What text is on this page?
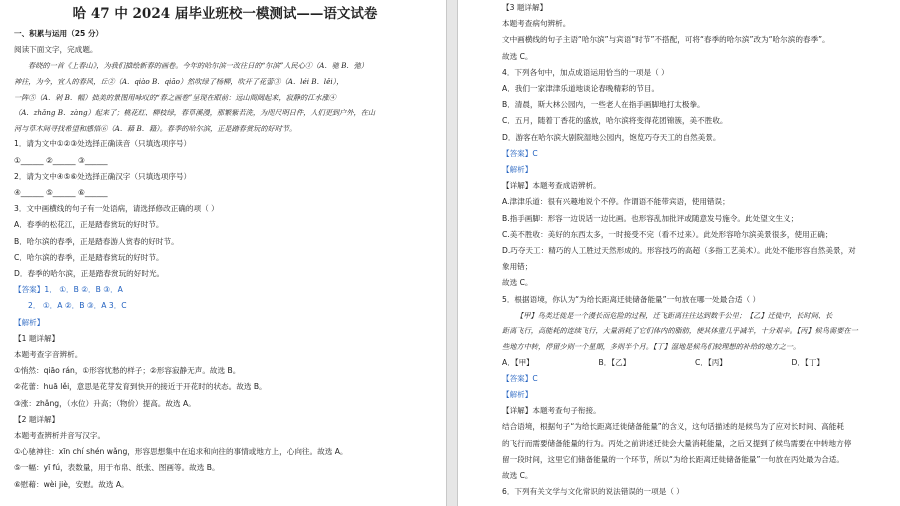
哈 47 中 2024 届毕业班校一模测试——语文试卷
一、积累与运用（25 分）
阅读下面文字，完成题。
春晓的一首《上春山》，为我们描绘新春的画卷。今年的哈尔滨一改往日的“尔滨”人民心①（A．驰 B．弛）
神往，为今，宜人的春风，丘②（A．qiào B．qiāo）然吹绿了杨柳，吹开了花蕾③（A．léi B．lěi），
一阵⑤（A．剁 B．幅）拙美的景图用咏叹的“春之画卷”呈现在眼前：远山阁阔起来，寂静的江水涨④
（A．zhǎng B．zàng）起来了；桃花红、柳枝绿，春草溪漫，那繁紫若洗，为咫尺明日件，人们更到户外，在山
河与草木间寻找希望和感悟⑥（A．藉 B．籍）。春季的哈尔滨，正是踏春赏玩的好时节。
1．请为文中①②③处选择正确读音（只填选项序号）
①______ ②______ ③______
2．请为文中④⑤⑥处选择正确汉字（只填选项序号）
④______ ⑤______ ⑥______
3．文中画横线的句子有一处语病，请选择修改正确的项（ ）
A．春季的松花江，正是踏春赏玩的好时节。
B．哈尔滨的春季，正是踏春游人赏春的好时节。
C．哈尔滨的春季，正是踏春赏玩的好时节。
D．春季的哈尔滨，正是踏春赏玩的好时光。
【答案】1． ①．B ②．B ③．A
2． ①．A ②．B ③．A 3．C
【解析】
【1 题详解】
本题考查字音辨析。
①悄然：qiāo rán，①形容忧愁的样子；②形容寂静无声。故选 B。
②花蕾：huā lěi，意思是花芽发育到快开的接近于开花时的状态。故选 B。
③涨：zhǎng，（水位）升高；（物价）提高。故选 A。
【2 题详解】
本题考查辨析并音写汉字。
①心驰神往：xīn chí shén wǎng，形容思想集中在追求和向往的事情或地方上，心向往。故选 A。
⑤一幅：yī fú，表数量，用于布帛、纸张、图画等。故选 B。
⑥慰藉：wèi jiè，安慰。故选 A。
【3 题详解】
本题考查病句辨析。
文中画横线的句子主语“哈尔滨”与宾语“时节”不搭配，可将“春季的哈尔滨”改为“哈尔滨的春季”。
故选 C。
4．下列各句中，加点成语运用恰当的一项是（ ）
A．我们一家津津乐道地谈论春晚精彩的节目。
B．清晨，斯大林公园内，一些老人在指手画脚地打太极拳。
C．五月，随着丁香花的盛放，哈尔滨将变得花团锦簇，美不胜收。
D．游客在哈尔滨大剧院湿地公园内，饱览巧夺天工的自然美景。
【答案】C
【解析】
【详解】本题考查成语辨析。
A.津津乐道：很有兴趣地说个不停。作谓语不能带宾语，使用错误；
B.指手画脚：形容一边说话一边比画。也形容乱加批评或随意发号施令。此处望文生义；
C.美不胜收：美好的东西太多，一时接受不完（看不过来）。此处形容哈尔滨美景很多，使用正确；
D.巧夺天工：精巧的人工胜过天然形成的。形容技巧的高超（多指工艺美术）。此处不能形容自然美景，对
象用错；
故选 C。
5．根据语境，你认为“为给长距离迁徙储备能量”一句放在哪一处最合适（ ）
【甲】鸟类迁徙是一个漫长而危险的过程，迁飞距离往往达到数千公里；【乙】迁徙中，长时间、长
距离飞行，高能耗的连续飞行，大量消耗了它们体内的脂肪，使其体重几乎减半，十分艰辛。【丙】候鸟需要在一
些地方中转，停留少则一个星期，多则半个月。【丁】湿地是候鸟们较理想的补给的地方之一。
A．【甲】	B．【乙】	C．【丙】	D．【丁】
【答案】C
【解析】
【详解】本题考查句子衔接。
结合语境，根据句子“为给长距离迁徙储备能量”的含义，这句话描述的是候鸟为了应对长时间、高能耗
的飞行而需要储备能量的行为。丙处之前讲述迁徙会大量消耗能量，之后又提到了候鸟需要在中转地方停
留一段时间，这里它们储备能量的一个环节，所以“为给长距离迁徙储备能量”一句放在丙处最为合适。
故选 C。
6．下列有关文学与文化常识的说法错误的一项是（ ）
